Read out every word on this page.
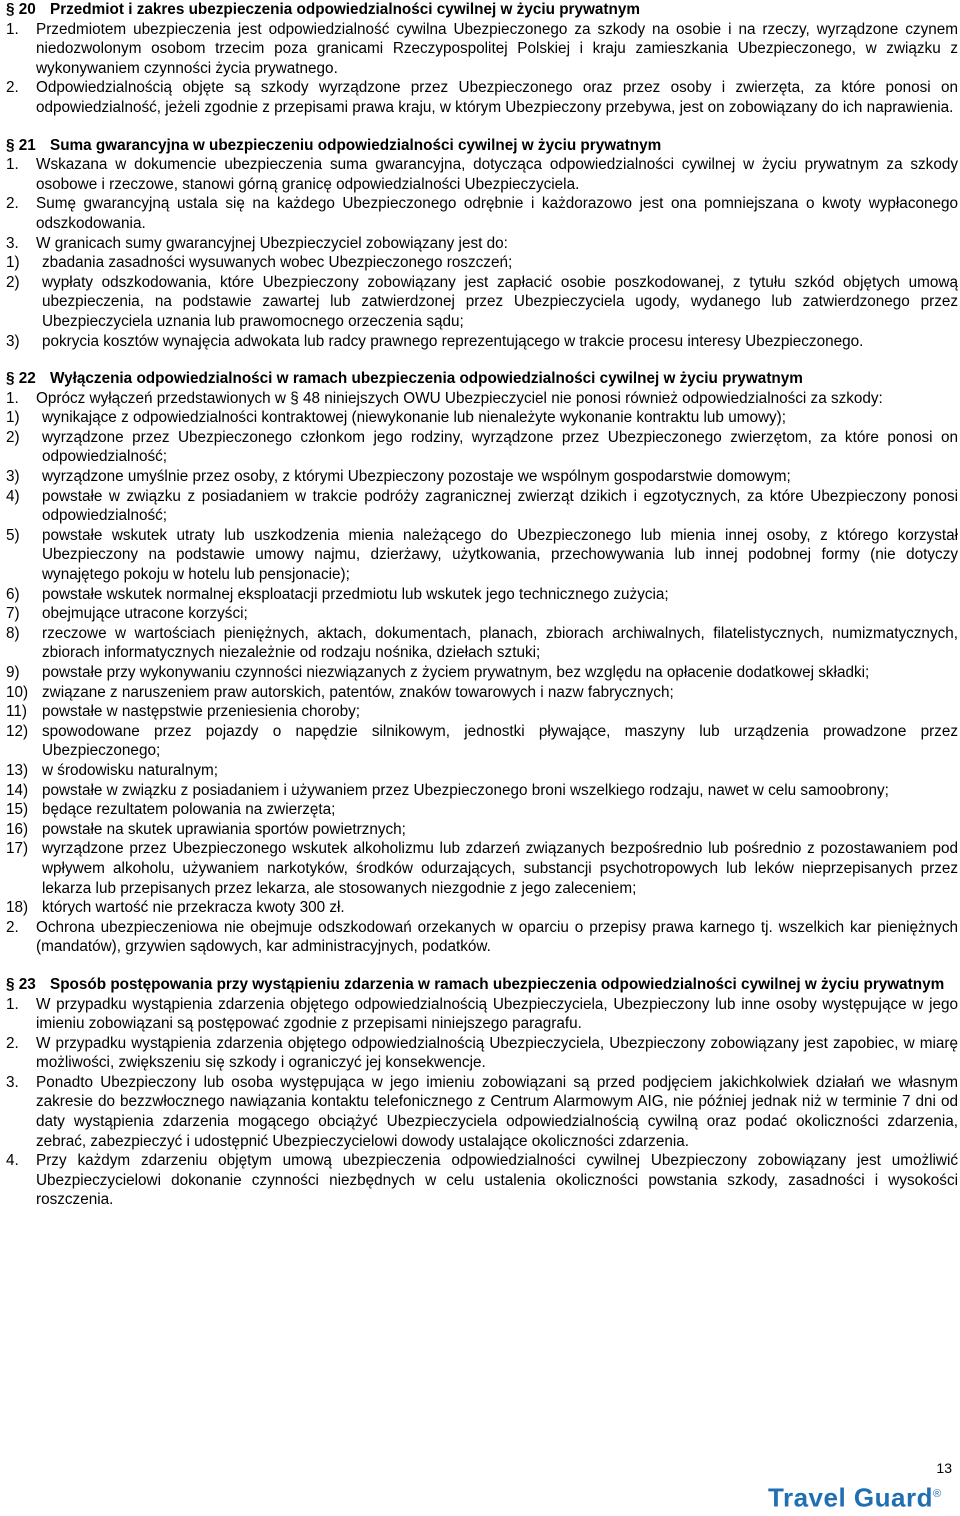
§ 20 Przedmiot i zakres ubezpieczenia odpowiedzialności cywilnej w życiu prywatnym
1.	Przedmiotem ubezpieczenia jest odpowiedzialność cywilna Ubezpieczonego za szkody na osobie i na rzeczy, wyrządzone czynem niedozwolonym osobom trzecim poza granicami Rzeczypospolitej Polskiej i kraju zamieszkania Ubezpieczonego, w związku z wykonywaniem czynności życia prywatnego.
2.	Odpowiedzialnością objęte są szkody wyrządzone przez Ubezpieczonego oraz przez osoby i zwierzęta, za które ponosi on odpowiedzialność, jeżeli zgodnie z przepisami prawa kraju, w którym Ubezpieczony przebywa, jest on zobowiązany do ich naprawienia.
§ 21 Suma gwarancyjna w ubezpieczeniu odpowiedzialności cywilnej w życiu prywatnym
1.	Wskazana w dokumencie ubezpieczenia suma gwarancyjna, dotycząca odpowiedzialności cywilnej w życiu prywatnym za szkody osobowe i rzeczowe, stanowi górną granicę odpowiedzialności Ubezpieczyciela.
2.	Sumę gwarancyjną ustala się na każdego Ubezpieczonego odrębnie i każdorazowo jest ona pomniejszana o kwoty wypłaconego odszkodowania.
3.	W granicach sumy gwarancyjnej Ubezpieczyciel zobowiązany jest do:
1)	zbadania zasadności wysuwanych wobec Ubezpieczonego roszczeń;
2)	wypłaty odszkodowania, które Ubezpieczony zobowiązany jest zapłacić osobie poszkodowanej, z tytułu szkód objętych umową ubezpieczenia, na podstawie zawartej lub zatwierdzonej przez Ubezpieczyciela ugody, wydanego lub zatwierdzonego przez Ubezpieczyciela uznania lub prawomocnego orzeczenia sądu;
3)	pokrycia kosztów wynajęcia adwokata lub radcy prawnego reprezentującego w trakcie procesu interesy Ubezpieczonego.
§ 22 Wyłączenia odpowiedzialności w ramach ubezpieczenia odpowiedzialności cywilnej w życiu prywatnym
1.	Oprócz wyłączeń przedstawionych w § 48 niniejszych OWU Ubezpieczyciel nie ponosi również odpowiedzialności za szkody:
1)	wynikające z odpowiedzialności kontraktowej (niewykonanie lub nienależyte wykonanie kontraktu lub umowy);
2)	wyrządzone przez Ubezpieczonego członkom jego rodziny, wyrządzone przez Ubezpieczonego zwierzętom, za które ponosi on odpowiedzialność;
3)	wyrządzone umyślnie przez osoby, z którymi Ubezpieczony pozostaje we wspólnym gospodarstwie domowym;
4)	powstałe w związku z posiadaniem w trakcie podróży zagranicznej zwierząt dzikich i egzotycznych, za które Ubezpieczony ponosi odpowiedzialność;
5)	powstałe wskutek utraty lub uszkodzenia mienia należącego do Ubezpieczonego lub mienia innej osoby, z którego korzystał Ubezpieczony na podstawie umowy najmu, dzierżawy, użytkowania, przechowywania lub innej podobnej formy (nie dotyczy wynajętego pokoju w hotelu lub pensjonacie);
6)	powstałe wskutek normalnej eksploatacji przedmiotu lub wskutek jego technicznego zużycia;
7)	obejmujące utracone korzyści;
8)	rzeczowe w wartościach pieniężnych, aktach, dokumentach, planach, zbiorach archiwalnych, filatelistycznych, numizmatycznych, zbiorach informatycznych niezależnie od rodzaju nośnika, dziełach sztuki;
9)	powstałe przy wykonywaniu czynności niezwiązanych z życiem prywatnym, bez względu na opłacenie dodatkowej składki;
10) związane z naruszeniem praw autorskich, patentów, znaków towarowych i nazw fabrycznych;
11) powstałe w następstwie przeniesienia choroby;
12) spowodowane przez pojazdy o napędzie silnikowym, jednostki pływające, maszyny lub urządzenia prowadzone przez Ubezpieczonego;
13) w środowisku naturalnym;
14) powstałe w związku z posiadaniem i używaniem przez Ubezpieczonego broni wszelkiego rodzaju, nawet w celu samoobrony;
15) będące rezultatem polowania na zwierzęta;
16) powstałe na skutek uprawiania sportów powietrznych;
17) wyrządzone przez Ubezpieczonego wskutek alkoholizmu lub zdarzeń związanych bezpośrednio lub pośrednio z pozostawaniem pod wpływem alkoholu, używaniem narkotyków, środków odurzających, substancji psychotropowych lub leków nieprzepisanych przez lekarza lub przepisanych przez lekarza, ale stosowanych niezgodnie z jego zaleceniem;
18) których wartość nie przekracza kwoty 300 zł.
2.	Ochrona ubezpieczeniowa nie obejmuje odszkodowań orzekanych w oparciu o przepisy prawa karnego tj. wszelkich kar pieniężnych (mandatów), grzywien sądowych, kar administracyjnych, podatków.
§ 23 Sposób postępowania przy wystąpieniu zdarzenia w ramach ubezpieczenia odpowiedzialności cywilnej w życiu prywatnym
1.	W przypadku wystąpienia zdarzenia objętego odpowiedzialnością Ubezpieczyciela, Ubezpieczony lub inne osoby występujące w jego imieniu zobowiązani są postępować zgodnie z przepisami niniejszego paragrafu.
2.	W przypadku wystąpienia zdarzenia objętego odpowiedzialnością Ubezpieczyciela, Ubezpieczony zobowiązany jest zapobiec, w miarę możliwości, zwiększeniu się szkody i ograniczyć jej konsekwencje.
3.	Ponadto Ubezpieczony lub osoba występująca w jego imieniu zobowiązani są przed podjęciem jakichkolwiek działań we własnym zakresie do bezzwłocznego nawiązania kontaktu telefonicznego z Centrum Alarmowym AIG, nie później jednak niż w terminie 7 dni od daty wystąpienia zdarzenia mogącego obciążyć Ubezpieczyciela odpowiedzialnością cywilną oraz podać okoliczności zdarzenia, zebrać, zabezpieczyć i udostępnić Ubezpieczycielowi dowody ustalające okoliczności zdarzenia.
4.	Przy każdym zdarzeniu objętym umową ubezpieczenia odpowiedzialności cywilnej Ubezpieczony zobowiązany jest umożliwić Ubezpieczycielowi dokonanie czynności niezbędnych w celu ustalenia okoliczności powstania szkody, zasadności i wysokości roszczenia.
13
Travel Guard®
